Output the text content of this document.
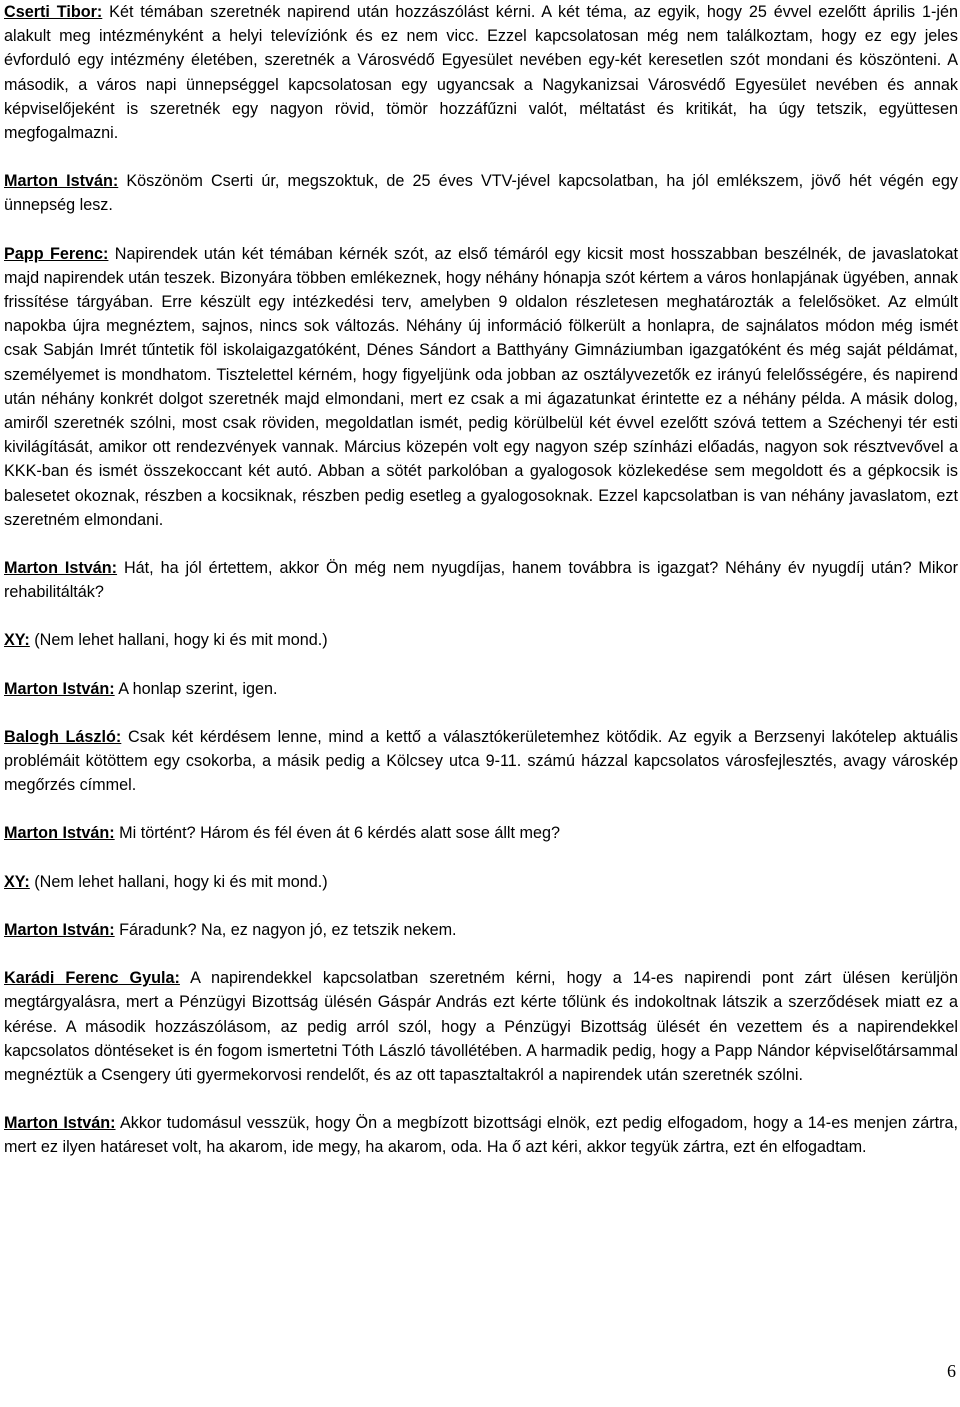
Cserti Tibor: Két témában szeretnék napirend után hozzászólást kérni. A két téma, az egyik, hogy 25 évvel ezelőtt április 1-jén alakult meg intézményként a helyi televíziónk és ez nem vicc. Ezzel kapcsolatosan még nem találkoztam, hogy ez egy jeles évforduló egy intézmény életében, szeretnék a Városvédő Egyesület nevében egy-két keresetlen szót mondani és köszönteni. A második, a város napi ünnepséggel kapcsolatosan egy ugyancsak a Nagykanizsai Városvédő Egyesület nevében és annak képviselőjeként is szeretnék egy nagyon rövid, tömör hozzáfűzni valót, méltatást és kritikát, ha úgy tetszik, együttesen megfogalmazni.

Marton István: Köszönöm Cserti úr, megszoktuk, de 25 éves VTV-jével kapcsolatban, ha jól emlékszem, jövő hét végén egy ünnepség lesz.

Papp Ferenc: Napirendek után két témában kérnék szót, az első témáról egy kicsit most hosszabban beszélnék, de javaslatokat majd napirendek után teszek. Bizonyára többen emlékeznek, hogy néhány hónapja szót kértem a város honlapjának ügyében, annak frissítése tárgyában. Erre készült egy intézkedési terv, amelyben 9 oldalon részletesen meghatározták a felelősöket. Az elmúlt napokba újra megnéztem, sajnos, nincs sok változás. Néhány új információ fölkerült a honlapra, de sajnálatos módon még ismét csak Sabján Imrét tűntetik föl iskolaigazgatóként, Dénes Sándort a Batthyány Gimnáziumban igazgatóként és még saját példámat, személyemet is mondhatom. Tisztelettel kérném, hogy figyeljünk oda jobban az osztályvezetők ez irányú felelősségére, és napirend után néhány konkrét dolgot szeretnék majd elmondani, mert ez csak a mi ágazatunkat érintette ez a néhány példa. A másik dolog, amiről szeretnék szólni, most csak röviden, megoldatlan ismét, pedig körülbelül két évvel ezelőtt szóvá tettem a Széchenyi tér esti kivilágítását, amikor ott rendezvények vannak. Március közepén volt egy nagyon szép színházi előadás, nagyon sok résztvevővel a KKK-ban és ismét összekoccant két autó. Abban a sötét parkolóban a gyalogosok közlekedése sem megoldott és a gépkocsik is balesetet okoznak, részben a kocsiknak, részben pedig esetleg a gyalogosoknak. Ezzel kapcsolatban is van néhány javaslatom, ezt szeretném elmondani.

Marton István: Hát, ha jól értettem, akkor Ön még nem nyugdíjas, hanem továbbra is igazgat? Néhány év nyugdíj után? Mikor rehabilitálták?

XY: (Nem lehet hallani, hogy ki és mit mond.)

Marton István: A honlap szerint, igen.

Balogh László: Csak két kérdésem lenne, mind a kettő a választókerületemhez kötődik. Az egyik a Berzsenyi lakótelep aktuális problémáit kötöttem egy csokorba, a másik pedig a Kölcsey utca 9-11. számú házzal kapcsolatos városfejlesztés, avagy városkép megőrzés címmel.

Marton István: Mi történt? Három és fél éven át 6 kérdés alatt sose állt meg?

XY: (Nem lehet hallani, hogy ki és mit mond.)

Marton István: Fáradunk? Na, ez nagyon jó, ez tetszik nekem.

Karádi Ferenc Gyula: A napirendekkel kapcsolatban szeretném kérni, hogy a 14-es napirendi pont zárt ülésen kerüljön megtárgyalásra, mert a Pénzügyi Bizottság ülésén Gáspár András ezt kérte tőlünk és indokoltnak látszik a szerződések miatt ez a kérése. A második hozzászólásom, az pedig arról szól, hogy a Pénzügyi Bizottság ülését én vezettem és a napirendekkel kapcsolatos döntéseket is én fogom ismertetni Tóth László távollétében. A harmadik pedig, hogy a Papp Nándor képviselőtársammal megnéztük a Csengery úti gyermekorvosi rendelőt, és az ott tapasztaltakról a napirendek után szeretnék szólni.

Marton István: Akkor tudomásul vesszük, hogy Ön a megbízott bizottsági elnök, ezt pedig elfogadom, hogy a 14-es menjen zártra, mert ez ilyen határeset volt, ha akarom, ide megy, ha akarom, oda. Ha ő azt kéri, akkor tegyük zártra, ezt én elfogadtam.

6
